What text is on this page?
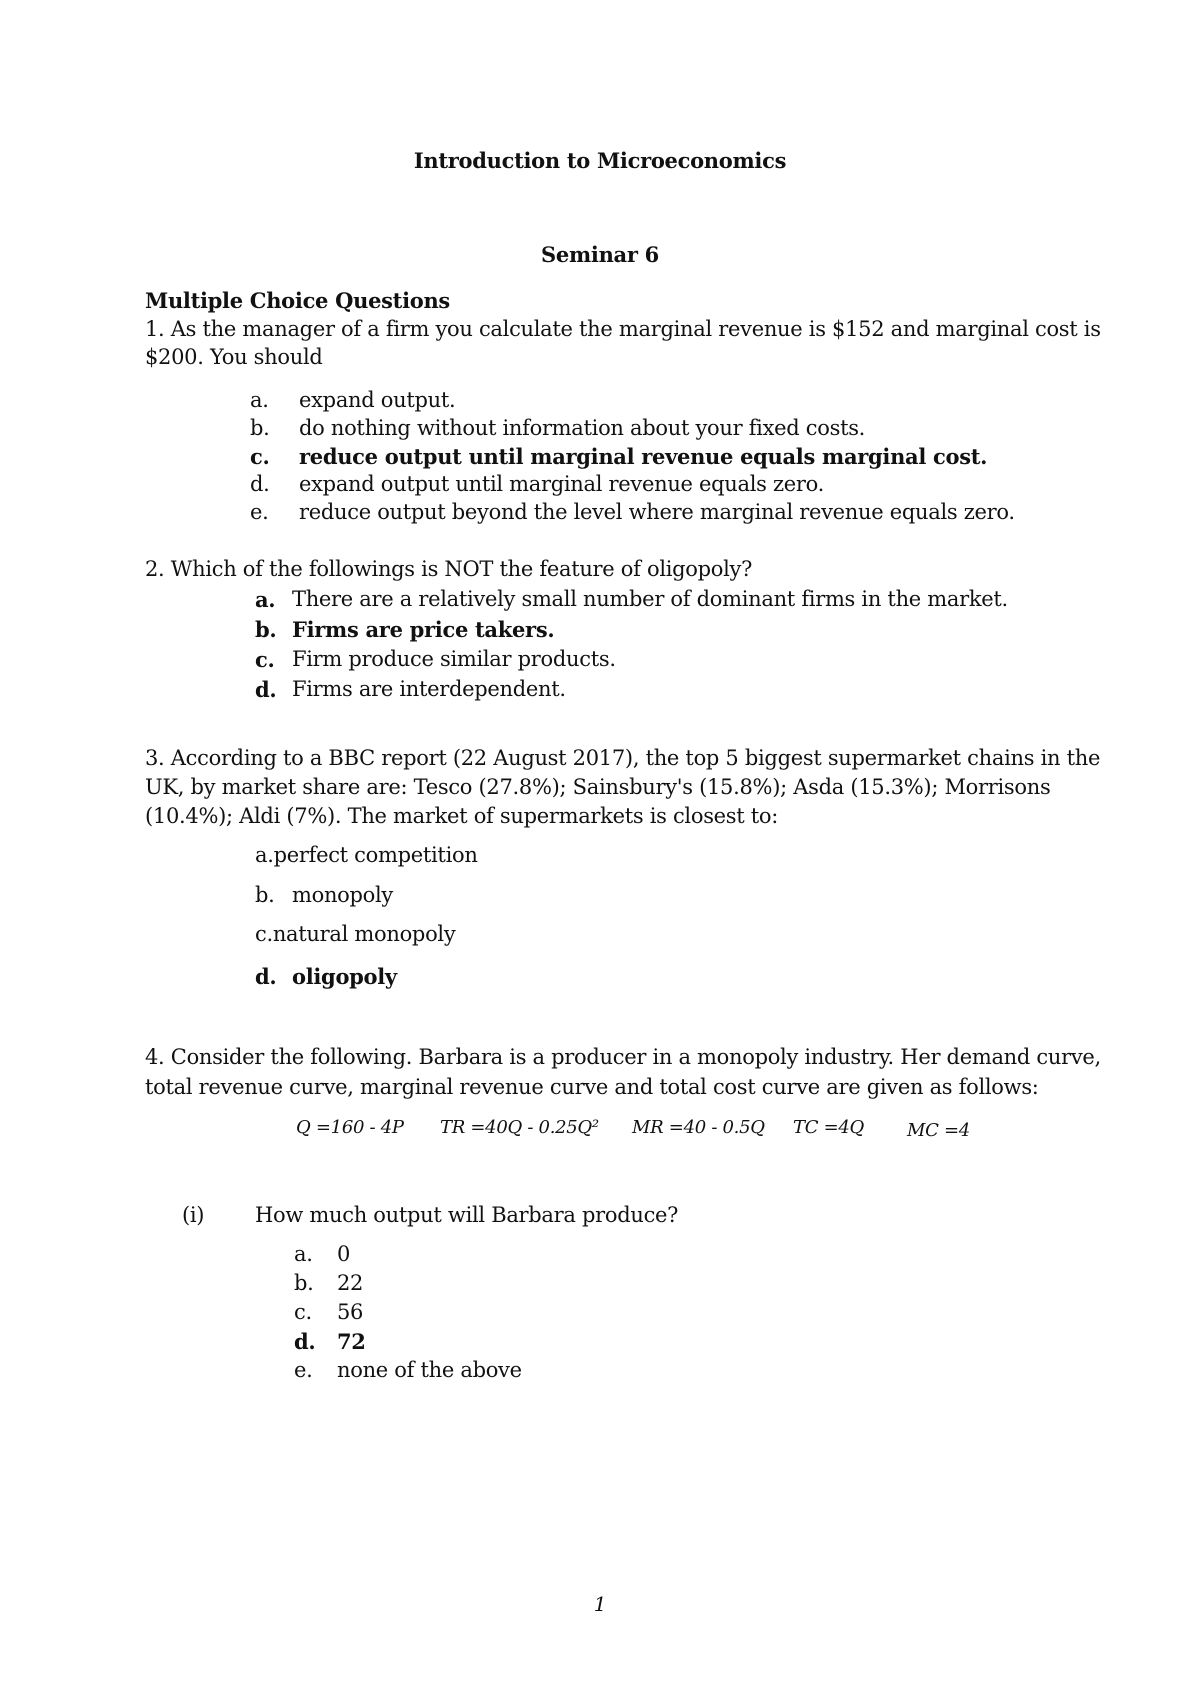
Introduction to Microeconomics
Seminar 6
Multiple Choice Questions
1. As the manager of a firm you calculate the marginal revenue is $152 and marginal cost is
$200. You should
a. expand output.
b. do nothing without information about your fixed costs.
c. reduce output until marginal revenue equals marginal cost.
d. expand output until marginal revenue equals zero.
e. reduce output beyond the level where marginal revenue equals zero.
2. Which of the followings is NOT the feature of oligopoly?
a. There are a relatively small number of dominant firms in the market.
b. Firms are price takers.
c. Firm produce similar products.
d. Firms are interdependent.
3. According to a BBC report (22 August 2017), the top 5 biggest supermarket chains in the
UK, by market share are: Tesco (27.8%); Sainsbury's (15.8%); Asda (15.3%); Morrisons
(10.4%); Aldi (7%). The market of supermarkets is closest to:
a.perfect competition
b. monopoly
c.natural monopoly
d. oligopoly
4. Consider the following. Barbara is a producer in a monopoly industry. Her demand curve,
total revenue curve, marginal revenue curve and total cost curve are given as follows:
Q =160 - 4P TR =40Q - 0.25Q² MR =40 - 0.5Q TC =4Q MC =4
(i) How much output will Barbara produce?
a. 0
b. 22
c. 56
d. 72
e. none of the above
1
